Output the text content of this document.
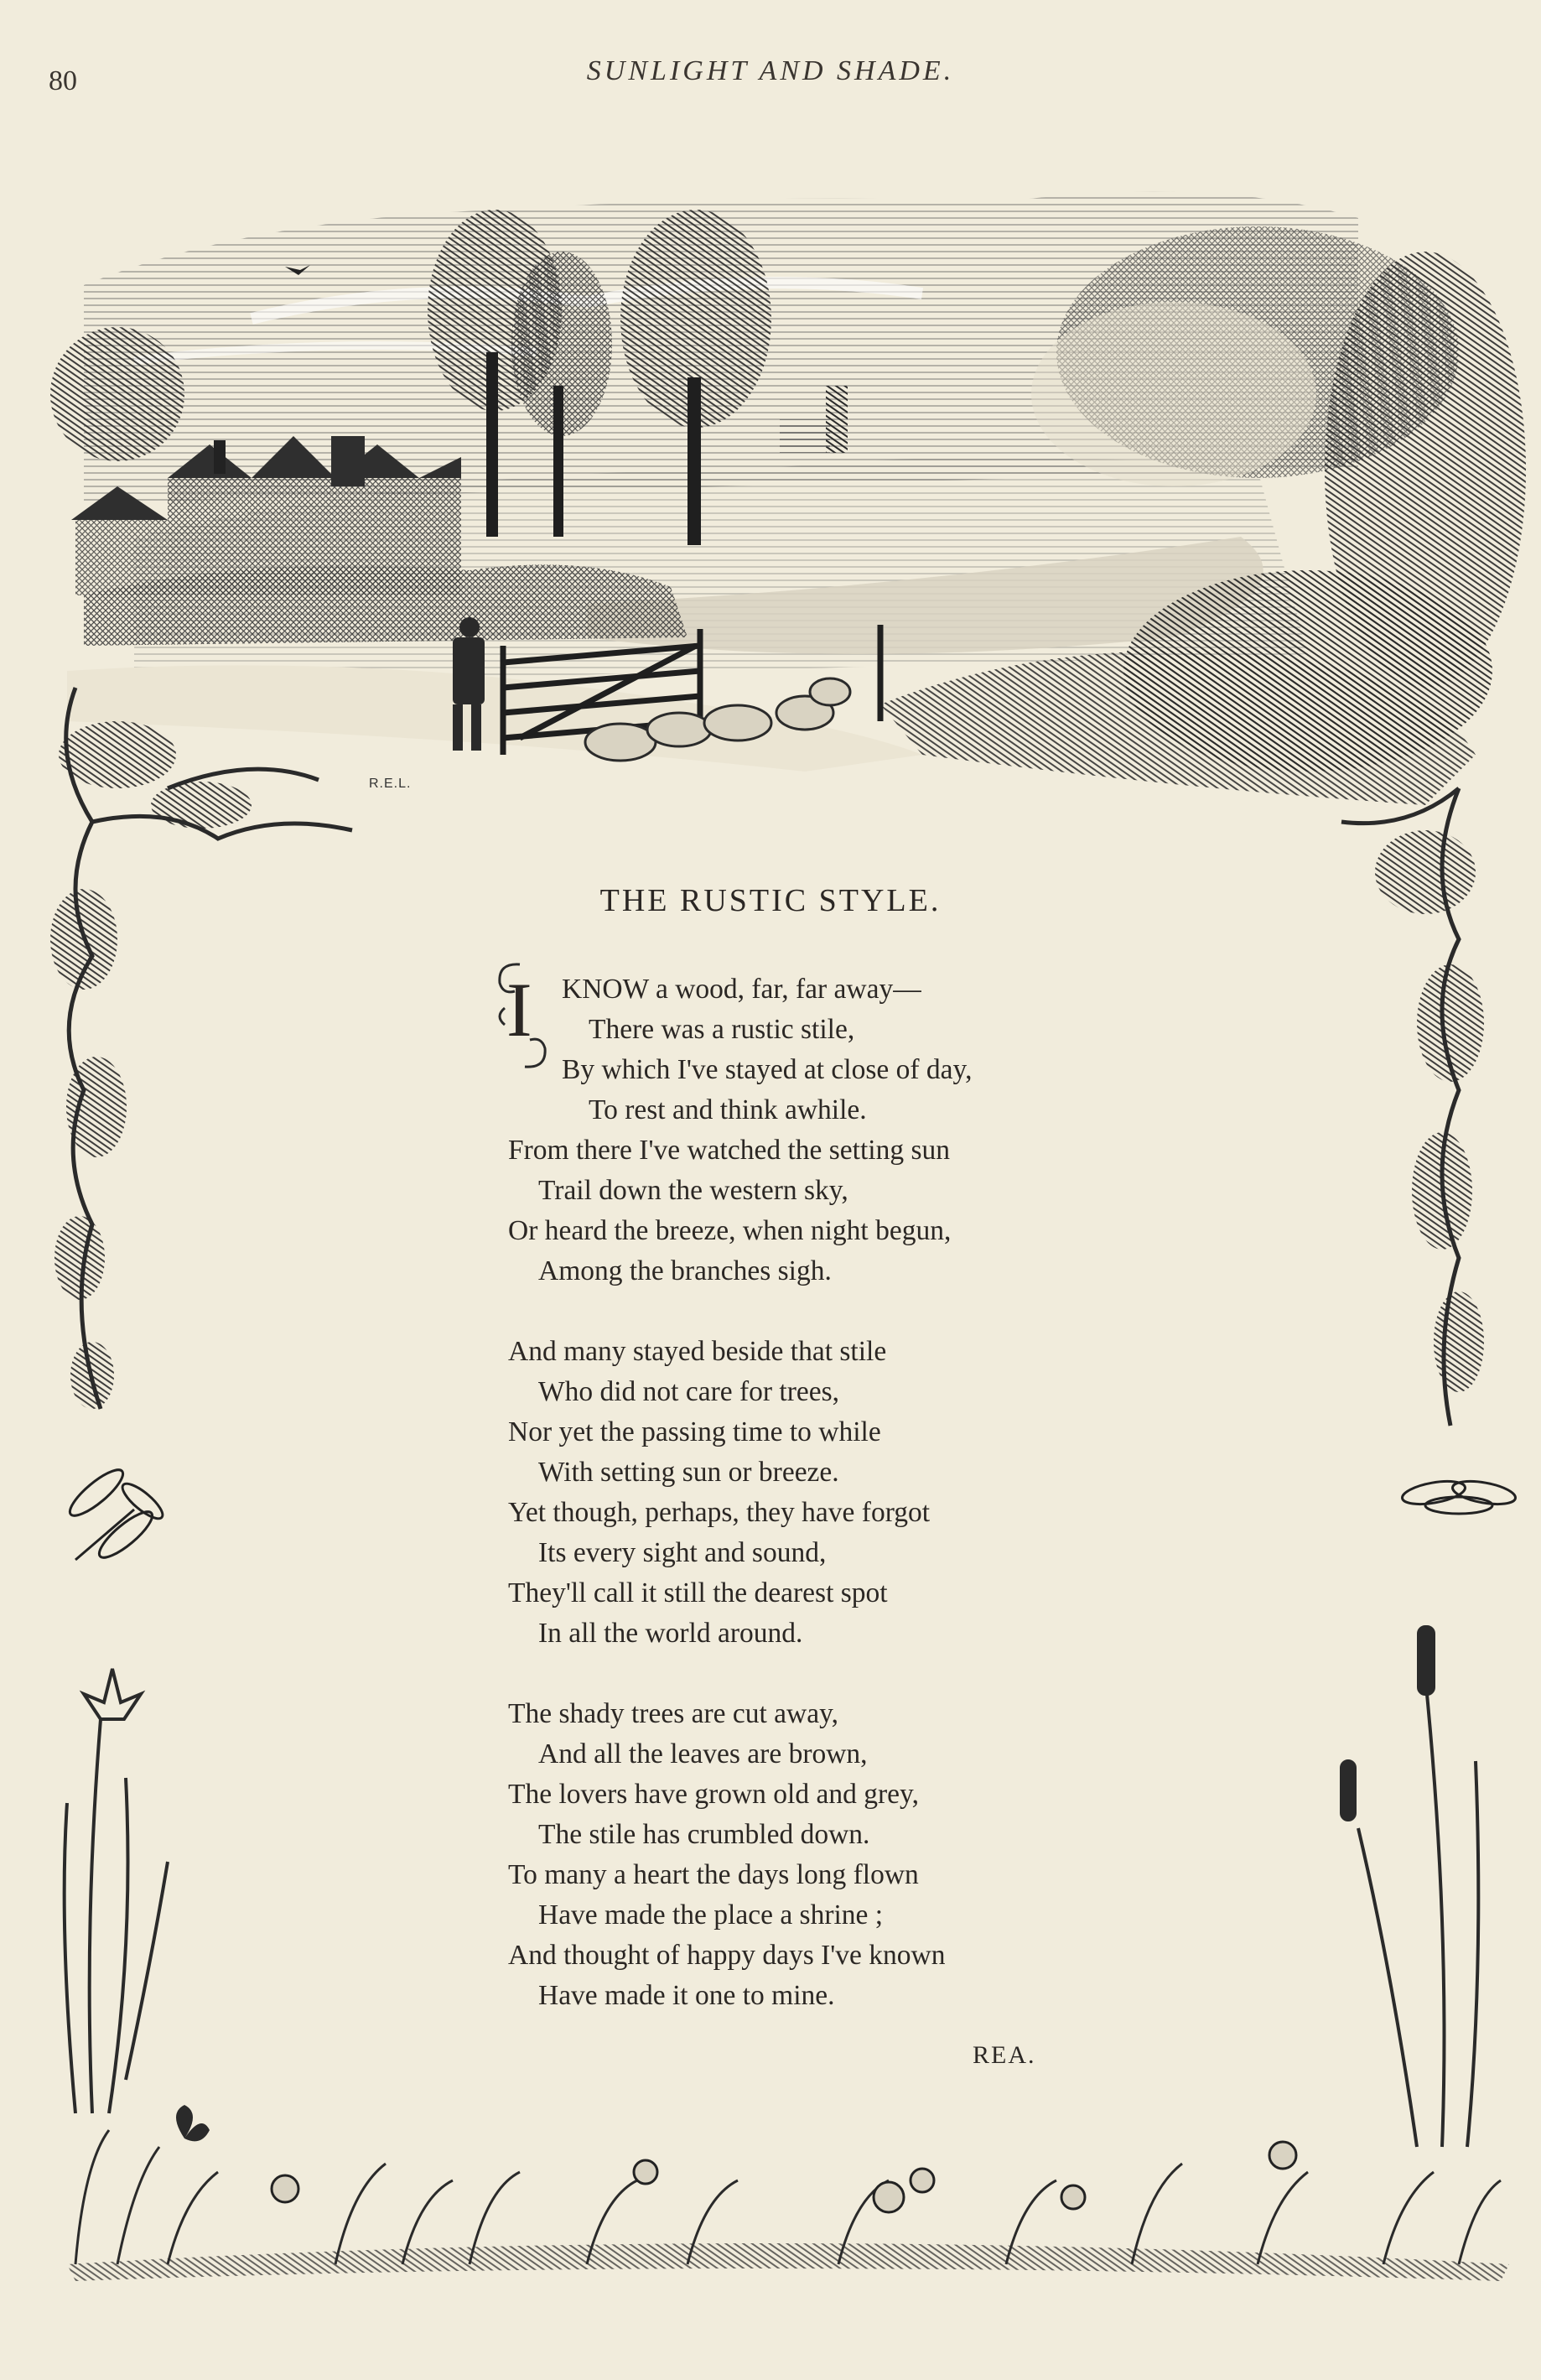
80	SUNLIGHT AND SHADE.
R.E.L.
THE RUSTIC STYLE.
I	KNOW a wood, far, far away—
There was a rustic stile,
By which I've stayed at close of day,
To rest and think awhile.
From there I've watched the setting sun
Trail down the western sky,
Or heard the breeze, when night begun,
Among the branches sigh.
And many stayed beside that stile
Who did not care for trees,
Nor yet the passing time to while
With setting sun or breeze.
Yet though, perhaps, they have forgot
Its every sight and sound,
They'll call it still the dearest spot
In all the world around.
The shady trees are cut away,
And all the leaves are brown,
The lovers have grown old and grey,
The stile has crumbled down.
To many a heart the days long flown
Have made the place a shrine ;
And thought of happy days I've known
Have made it one to mine.
REA.
